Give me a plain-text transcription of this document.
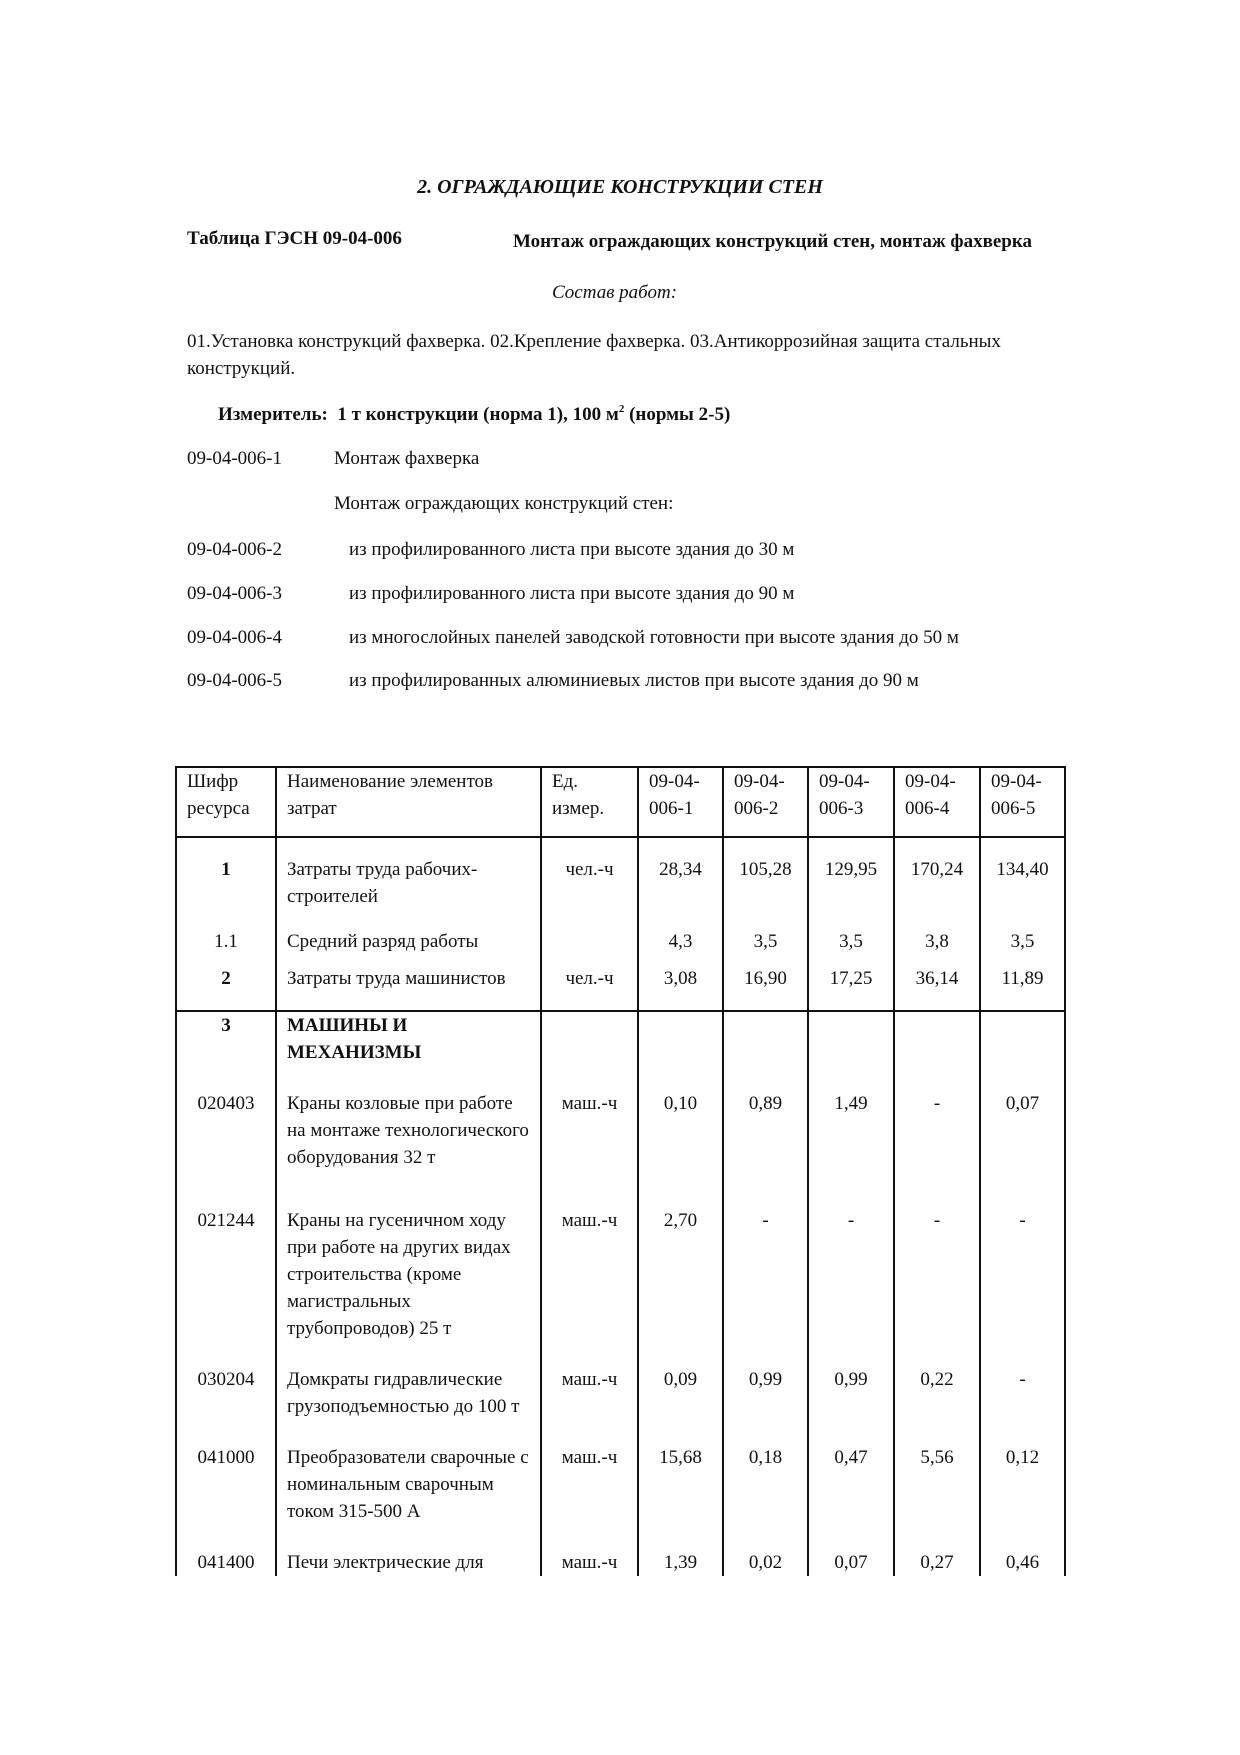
2. ОГРАЖДАЮЩИЕ КОНСТРУКЦИИ СТЕН
Таблица ГЭСН 09-04-006	Монтаж ограждающих конструкций стен, монтаж фахверка
Состав работ:
01.Установка конструкций фахверка. 02.Крепление фахверка. 03.Антикоррозийная защита стальных конструкций.
Измеритель: 1 т конструкции (норма 1), 100 $м^2$ (нормы 2-5)
09-04-006-1	Монтаж фахверка
Монтаж ограждающих конструкций стен:
09-04-006-2	из профилированного листа при высоте здания до 30 м
09-04-006-3	из профилированного листа при высоте здания до 90 м
09-04-006-4	из многослойных панелей заводской готовности при высоте здания до 50 м
09-04-006-5	из профилированных алюминиевых листов при высоте здания до 90 м
Шифр ресурса	Наименование элементов затрат	Ед. измер.	09-04-006-1	09-04-006-2	09-04-006-3	09-04-006-4	09-04-006-5

1	Затраты труда рабочих-строителей	чел.-ч	28,34	105,28	129,95	170,24	134,40
1.1	Средний разряд работы		4,3	3,5	3,5	3,8	3,5
2	Затраты труда машинистов	чел.-ч	3,08	16,90	17,25	36,14	11,89
3	МАШИНЫ И МЕХАНИЗМЫ						
020403	Краны козловые при работе на монтаже технологического оборудования 32 т	маш.-ч	0,10	0,89	1,49	-	0,07
021244	Краны на гусеничном ходу при работе на других видах строительства (кроме магистральных трубопроводов) 25 т	маш.-ч	2,70	-	-	-	-
030204	Домкраты гидравлические грузоподъемностью до 100 т	маш.-ч	0,09	0,99	0,99	0,22	-
041000	Преобразователи сварочные с номинальным сварочным током 315-500 А	маш.-ч	15,68	0,18	0,47	5,56	0,12
041400	Печи электрические для	маш.-ч	1,39	0,02	0,07	0,27	0,46
